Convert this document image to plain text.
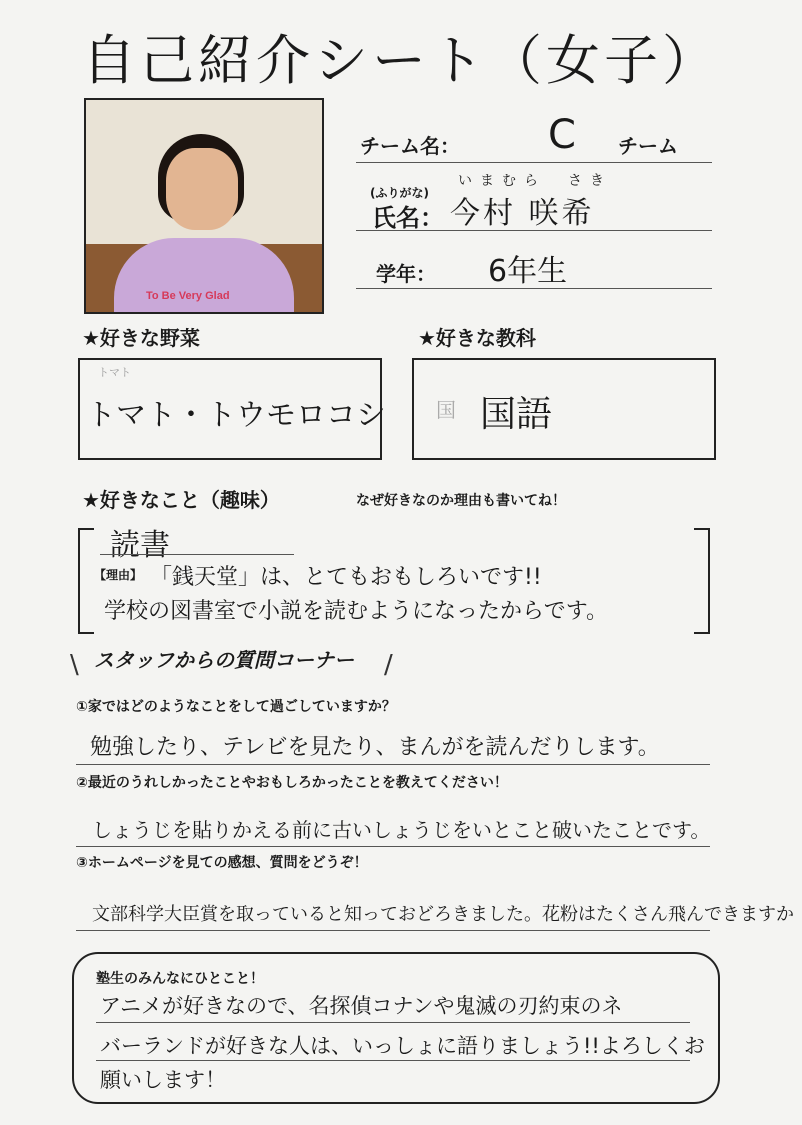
自己紹介シート（女子）
To Be Very Glad
チーム名： C チーム
(ふりがな)
いまむら　さき
氏名： 今村 咲希
学年： 6年生
★好きな野菜
トマト
トマト・トウモロコシ
★好きな教科
国 国語
★好きなこと（趣味）	なぜ好きなのか理由も書いてね！
読書
【理由】 「銭天堂」は、とてもおもしろいです!!
学校の図書室で小説を読むようになったからです。
\ スタッフからの質問コーナー /
①家ではどのようなことをして過ごしていますか？
勉強したり、テレビを見たり、まんがを読んだりします。
②最近のうれしかったことやおもしろかったことを教えてください！
しょうじを貼りかえる前に古いしょうじをいとこと破いたことです。
③ホームページを見ての感想、質問をどうぞ！
文部科学大臣賞を取っていると知っておどろきました。花粉はたくさん飛んできますか
塾生のみんなにひとこと！
アニメが好きなので、名探偵コナンや鬼滅の刃約束のネ
バーランドが好きな人は、いっしょに語りましょう!!よろしくお
願いします！
